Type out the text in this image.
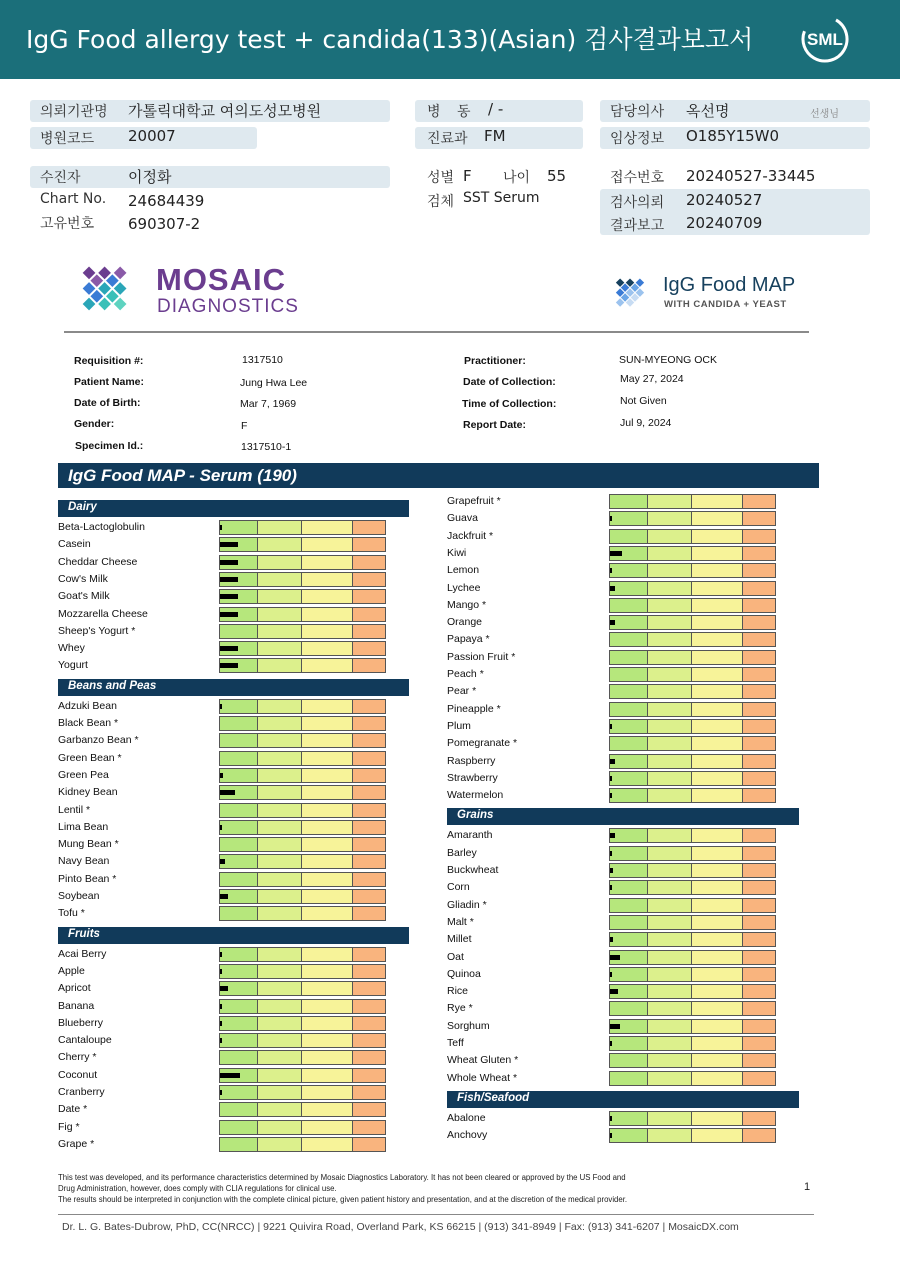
IgG Food allergy test + candida(133)(Asian) 검사결과보고서	SML
의뢰기관명 가톨릭대학교 여의도성모병원	병 동 / -	담당의사 옥선명	선생님
병원코드 20007	진료과 FM	임상정보 O185Y15W0
수진자	이정화	성별 F 나이 55	접수번호 20240527-33445
Chart No. 24684439	검체 SST Serum	검사의뢰 20240527
고유번호 690307-2	결과보고 20240709
MOSAIC
DIAGNOSTICS
IgG Food MAP
WITH CANDIDA + YEAST
Requisition #:	1317510
Patient Name:	Jung Hwa Lee
Date of Birth:	Mar 7, 1969
Gender:	F
Specimen Id.:	1317510-1
Practitioner:	SUN-MYEONG OCK
Date of Collection:	May 27, 2024
Time of Collection:	Not Given
Report Date:	Jul 9, 2024
IgG Food MAP - Serum (190)
Dairy
Beta-Lactoglobulin
Casein
Cheddar Cheese
Cow's Milk
Goat's Milk
Mozzarella Cheese
Sheep's Yogurt *
Whey
Yogurt
Beans and Peas
Adzuki Bean
Black Bean *
Garbanzo Bean *
Green Bean *
Green Pea
Kidney Bean
Lentil *
Lima Bean
Mung Bean *
Navy Bean
Pinto Bean *
Soybean
Tofu *
Fruits
Acai Berry
Apple
Apricot
Banana
Blueberry
Cantaloupe
Cherry *
Coconut
Cranberry
Date *
Fig *
Grape *
Grapefruit *
Guava
Jackfruit *
Kiwi
Lemon
Lychee
Mango *
Orange
Papaya *
Passion Fruit *
Peach *
Pear *
Pineapple *
Plum
Pomegranate *
Raspberry
Strawberry
Watermelon
Grains
Amaranth
Barley
Buckwheat
Corn
Gliadin *
Malt *
Millet
Oat
Quinoa
Rice
Rye *
Sorghum
Teff
Wheat Gluten *
Whole Wheat *
Fish/Seafood
Abalone
Anchovy
This test was developed, and its performance characteristics determined by Mosaic Diagnostics Laboratory. It has not been cleared or approved by the US Food and
Drug Administration, however, does comply with CLIA regulations for clinical use.
The results should be interpreted in conjunction with the complete clinical picture, given patient history and presentation, and at the discretion of the medical provider.
1
Dr. L. G. Bates-Dubrow, PhD, CC(NRCC) | 9221 Quivira Road, Overland Park, KS 66215 | (913) 341-8949 | Fax: (913) 341-6207 | MosaicDX.com
